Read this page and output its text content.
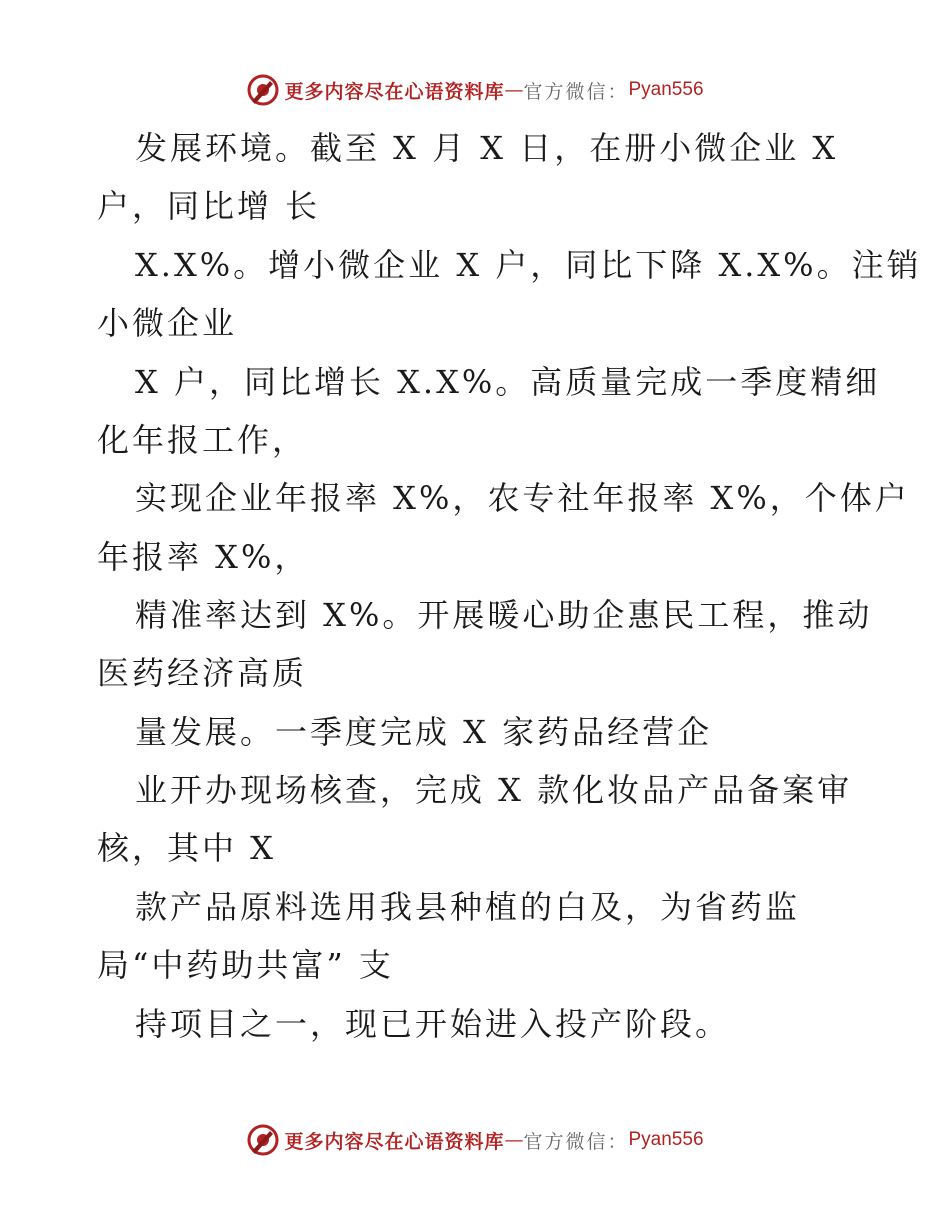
更多内容尽在心语资料库 — 官方微信： Pyan556
发展环境。截至 X 月 X 日，在册小微企业 X
户，同比增 长
X.X%。增小微企业 X 户，同比下降 X.X%。注销
小微企业
X 户，同比增长 X.X%。高质量完成一季度精细
化年报工作，
实现企业年报率 X%，农专社年报率 X%，个体户
年报率 X%，
精准率达到 X%。开展暖心助企惠民工程，推动
医药经济高质
量发展。一季度完成 X 家药品经营企
业开办现场核查，完成 X 款化妆品产品备案审
核，其中 X
款产品原料选用我县种植的白及，为省药监
局“中药助共富” 支
持项目之一，现已开始进入投产阶段。
更多内容尽在心语资料库 — 官方微信： Pyan556
